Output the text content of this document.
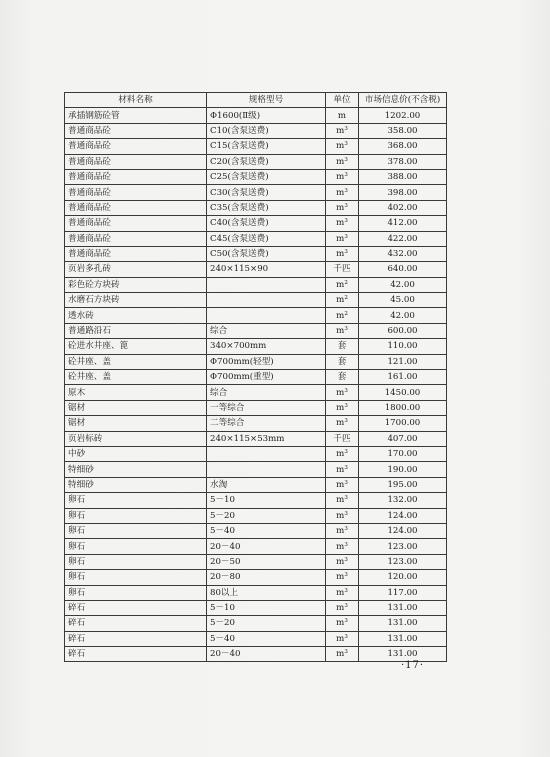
材料名称	规格型号	单位	市场信息价(不含税)
承插钢筋砼管	Φ1600(Ⅱ级)	m	1202.00
普通商品砼	C10(含泵送费)	$m^3$	358.00
普通商品砼	C15(含泵送费)	$m^3$	368.00
普通商品砼	C20(含泵送费)	$m^3$	378.00
普通商品砼	C25(含泵送费)	$m^3$	388.00
普通商品砼	C30(含泵送费)	$m^3$	398.00
普通商品砼	C35(含泵送费)	$m^3$	402.00
普通商品砼	C40(含泵送费)	$m^3$	412.00
普通商品砼	C45(含泵送费)	$m^3$	422.00
普通商品砼	C50(含泵送费)	$m^3$	432.00
页岩多孔砖	240×115×90	千匹	640.00
彩色砼方块砖		$m^2$	42.00
水磨石方块砖		$m^2$	45.00
透水砖		$m^2$	42.00
普通路沿石	综合	$m^3$	600.00
砼进水井座、篦	340×700mm	套	110.00
砼井座、盖	Φ700mm(轻型)	套	121.00
砼井座、盖	Φ700mm(重型)	套	161.00
原木	综合	$m^3$	1450.00
锯材	一等综合	$m^3$	1800.00
锯材	二等综合	$m^3$	1700.00
页岩标砖	240×115×53mm	千匹	407.00
中砂		$m^3$	170.00
特细砂		$m^3$	190.00
特细砂	水淘	$m^3$	195.00
卵石	5－10	$m^3$	132.00
卵石	5－20	$m^3$	124.00
卵石	5－40	$m^3$	124.00
卵石	20－40	$m^3$	123.00
卵石	20－50	$m^3$	123.00
卵石	20－80	$m^3$	120.00
卵石	80以上	$m^3$	117.00
碎石	5－10	$m^3$	131.00
碎石	5－20	$m^3$	131.00
碎石	5－40	$m^3$	131.00
碎石	20－40	$m^3$	131.00
·17·
